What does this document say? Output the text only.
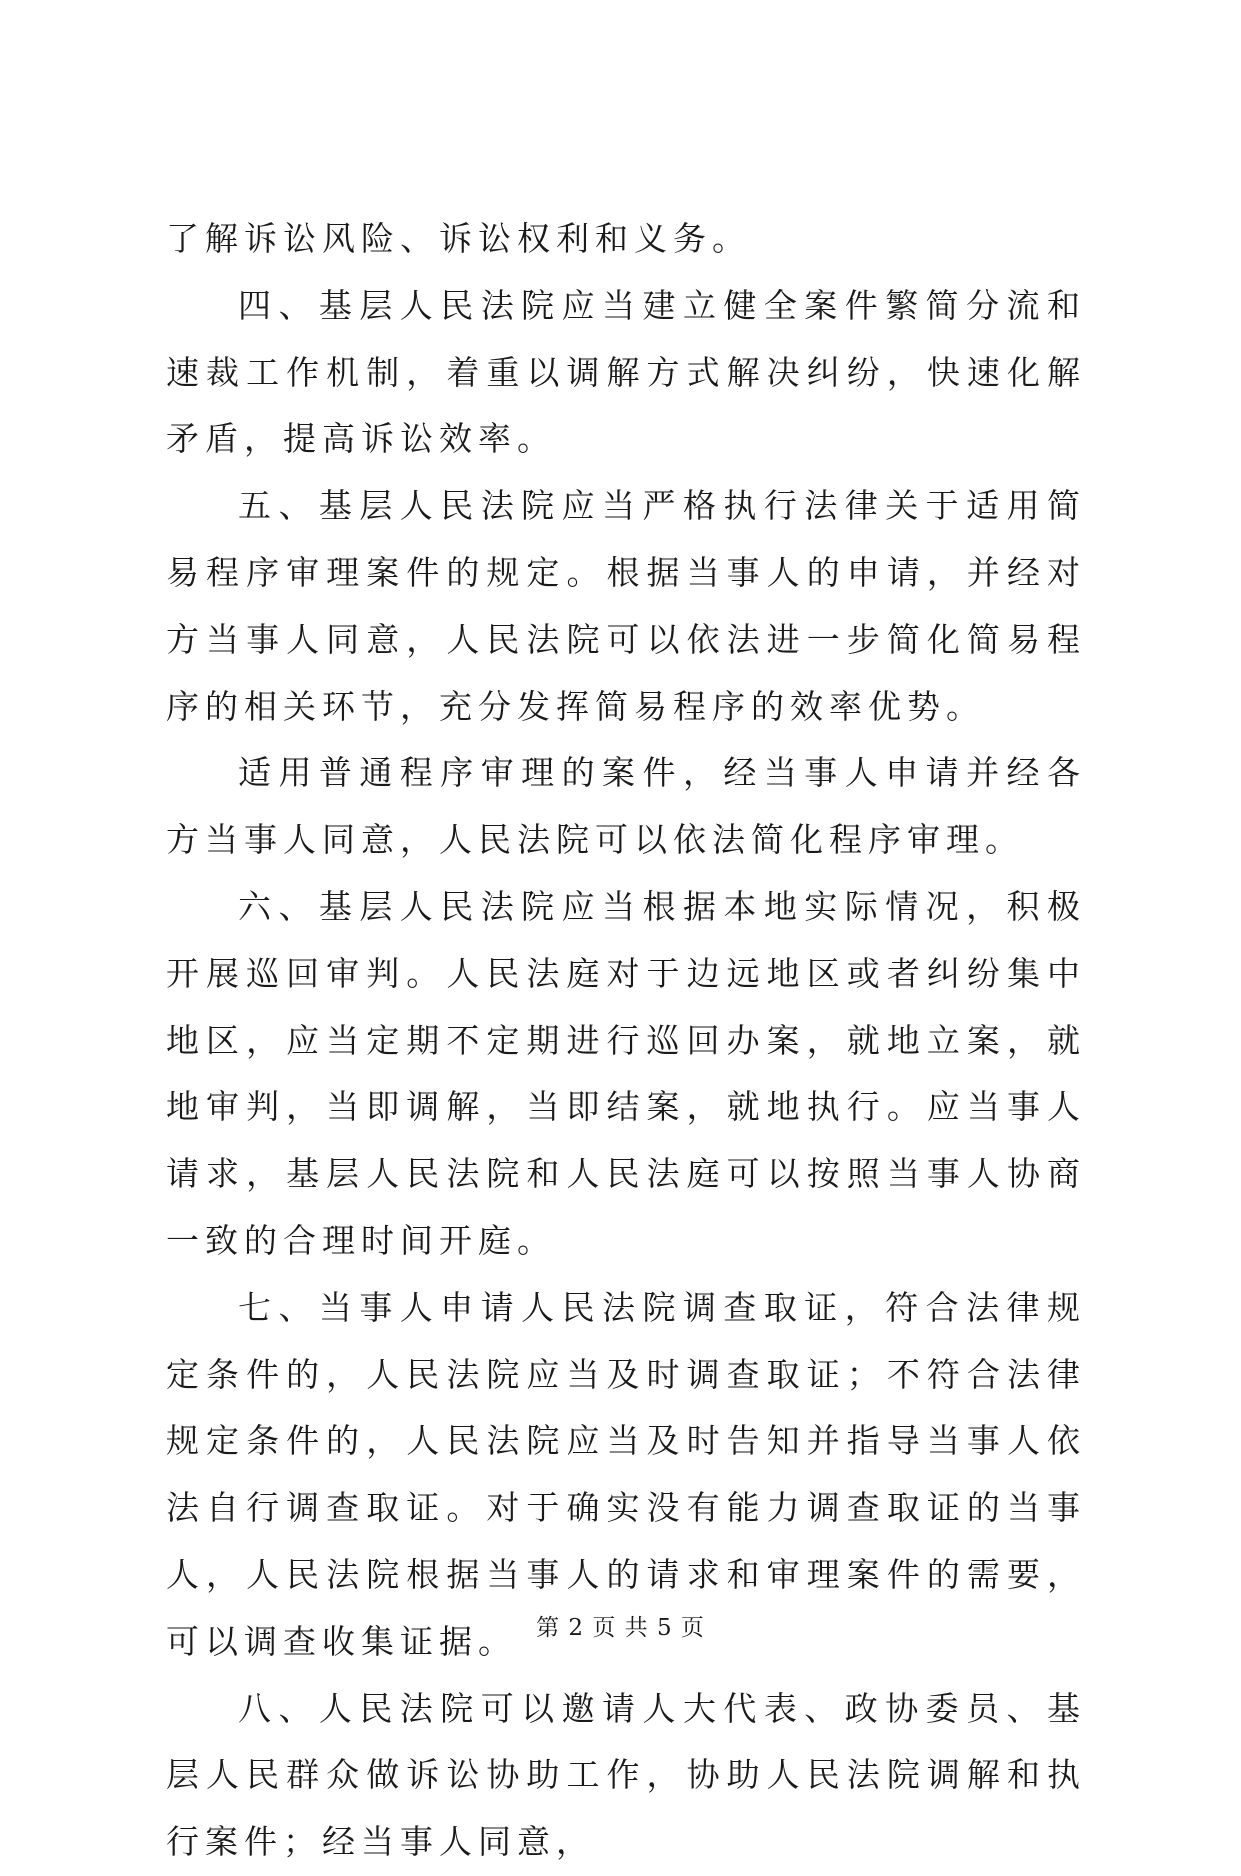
了解诉讼风险、诉讼权利和义务。

四、基层人民法院应当建立健全案件繁简分流和速裁工作机制，着重以调解方式解决纠纷，快速化解矛盾，提高诉讼效率。

五、基层人民法院应当严格执行法律关于适用简易程序审理案件的规定。根据当事人的申请，并经对方当事人同意，人民法院可以依法进一步简化简易程序的相关环节，充分发挥简易程序的效率优势。

适用普通程序审理的案件，经当事人申请并经各方当事人同意，人民法院可以依法简化程序审理。

六、基层人民法院应当根据本地实际情况，积极开展巡回审判。人民法庭对于边远地区或者纠纷集中地区，应当定期不定期进行巡回办案，就地立案，就地审判，当即调解，当即结案，就地执行。应当事人请求，基层人民法院和人民法庭可以按照当事人协商一致的合理时间开庭。

七、当事人申请人民法院调查取证，符合法律规定条件的，人民法院应当及时调查取证；不符合法律规定条件的，人民法院应当及时告知并指导当事人依法自行调查取证。对于确实没有能力调查取证的当事人，人民法院根据当事人的请求和审理案件的需要，可以调查收集证据。

八、人民法院可以邀请人大代表、政协委员、基层人民群众做诉讼协助工作，协助人民法院调解和执行案件；经当事人同意，

第 2 页 共 5 页
